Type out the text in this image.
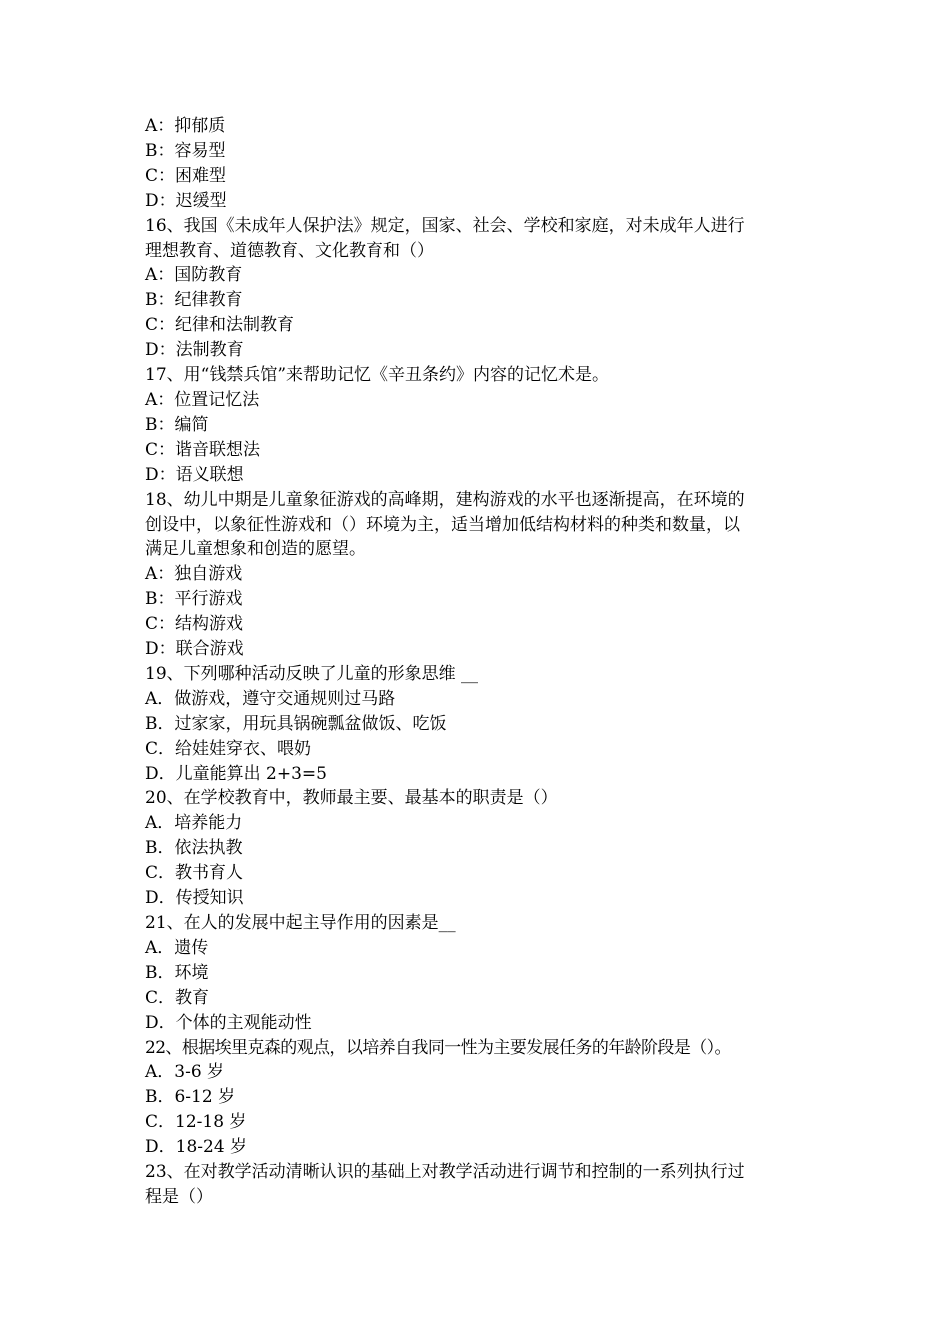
A：抑郁质
B：容易型
C：困难型
D：迟缓型
16、我国《未成年人保护法》规定，国家、社会、学校和家庭，对未成年人进行
理想教育、道德教育、文化教育和（）
A：国防教育
B：纪律教育
C：纪律和法制教育
D：法制教育
17、用“钱禁兵馆”来帮助记忆《辛丑条约》内容的记忆术是。
A：位置记忆法
B：编简
C：谐音联想法
D：语义联想
18、幼儿中期是儿童象征游戏的高峰期，建构游戏的水平也逐渐提高，在环境的
创设中，以象征性游戏和（）环境为主，适当增加低结构材料的种类和数量，以
满足儿童想象和创造的愿望。
A：独自游戏
B：平行游戏
C：结构游戏
D：联合游戏
19、下列哪种活动反映了儿童的形象思维 __
A．做游戏，遵守交通规则过马路
B．过家家，用玩具锅碗瓢盆做饭、吃饭
C．给娃娃穿衣、喂奶
D．儿童能算出 2+3=5
20、在学校教育中，教师最主要、最基本的职责是（）
A．培养能力
B．依法执教
C．教书育人
D．传授知识
21、在人的发展中起主导作用的因素是__
A．遗传
B．环境
C．教育
D．个体的主观能动性
22、根据埃里克森的观点，以培养自我同一性为主要发展任务的年龄阶段是（）。
A．3-6 岁
B．6-12 岁
C．12-18 岁
D．18-24 岁
23、在对教学活动清晰认识的基础上对教学活动进行调节和控制的一系列执行过
程是（）
